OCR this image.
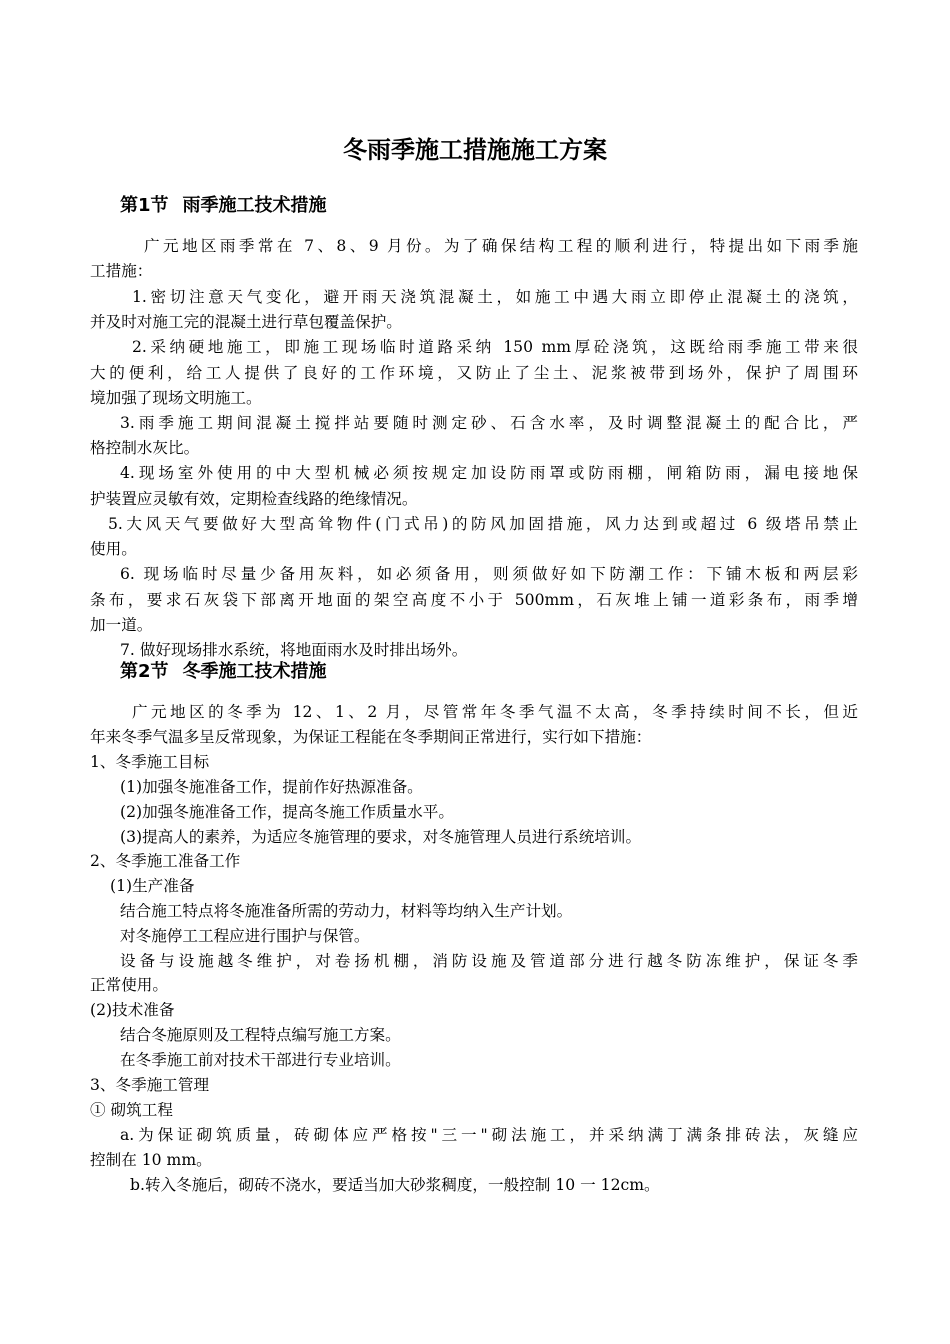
冬雨季施工措施施工方案
第1节 雨季施工技术措施
广元地区雨季常在 7、8、9 月份。为了确保结构工程的顺利进行，特提出如下雨季施
工措施：
1.密切注意天气变化，避开雨天浇筑混凝土，如施工中遇大雨立即停止混凝土的浇筑，
并及时对施工完的混凝土进行草包覆盖保护。
2.采纳硬地施工，即施工现场临时道路采纳 150 mm厚砼浇筑，这既给雨季施工带来很
大的便利，给工人提供了良好的工作环境，又防止了尘土、泥浆被带到场外，保护了周围环
境加强了现场文明施工。
3.雨季施工期间混凝土搅拌站要随时测定砂、石含水率，及时调整混凝土的配合比，严
格控制水灰比。
4.现场室外使用的中大型机械必须按规定加设防雨罩或防雨棚，闸箱防雨，漏电接地保
护装置应灵敏有效，定期检查线路的绝缘情况。
5.大风天气要做好大型高耸物件(门式吊)的防风加固措施，风力达到或超过 6 级塔吊禁止
使用。
6. 现场临时尽量少备用灰料，如必须备用，则须做好如下防潮工作：下铺木板和两层彩
条布，要求石灰袋下部离开地面的架空高度不小于 500mm，石灰堆上铺一道彩条布，雨季增
加一道。
7. 做好现场排水系统，将地面雨水及时排出场外。
第2节 冬季施工技术措施
广元地区的冬季为 12、1、2 月，尽管常年冬季气温不太高，冬季持续时间不长，但近
年来冬季气温多呈反常现象，为保证工程能在冬季期间正常进行，实行如下措施：
1、冬季施工目标
(1)加强冬施准备工作，提前作好热源准备。
(2)加强冬施准备工作，提高冬施工作质量水平。
(3)提高人的素养，为适应冬施管理的要求，对冬施管理人员进行系统培训。
2、冬季施工准备工作
(1)生产准备
结合施工特点将冬施准备所需的劳动力，材料等均纳入生产计划。
对冬施停工工程应进行围护与保管。
设备与设施越冬维护，对卷扬机棚，消防设施及管道部分进行越冬防冻维护，保证冬季
正常使用。
(2)技术准备
结合冬施原则及工程特点编写施工方案。
在冬季施工前对技术干部进行专业培训。
3、冬季施工管理
① 砌筑工程
a.为保证砌筑质量，砖砌体应严格按"三一"砌法施工，并采纳满丁满条排砖法，灰缝应
控制在 10 mm。
b.转入冬施后，砌砖不浇水，要适当加大砂浆稠度，一般控制 10 一 12cm。
